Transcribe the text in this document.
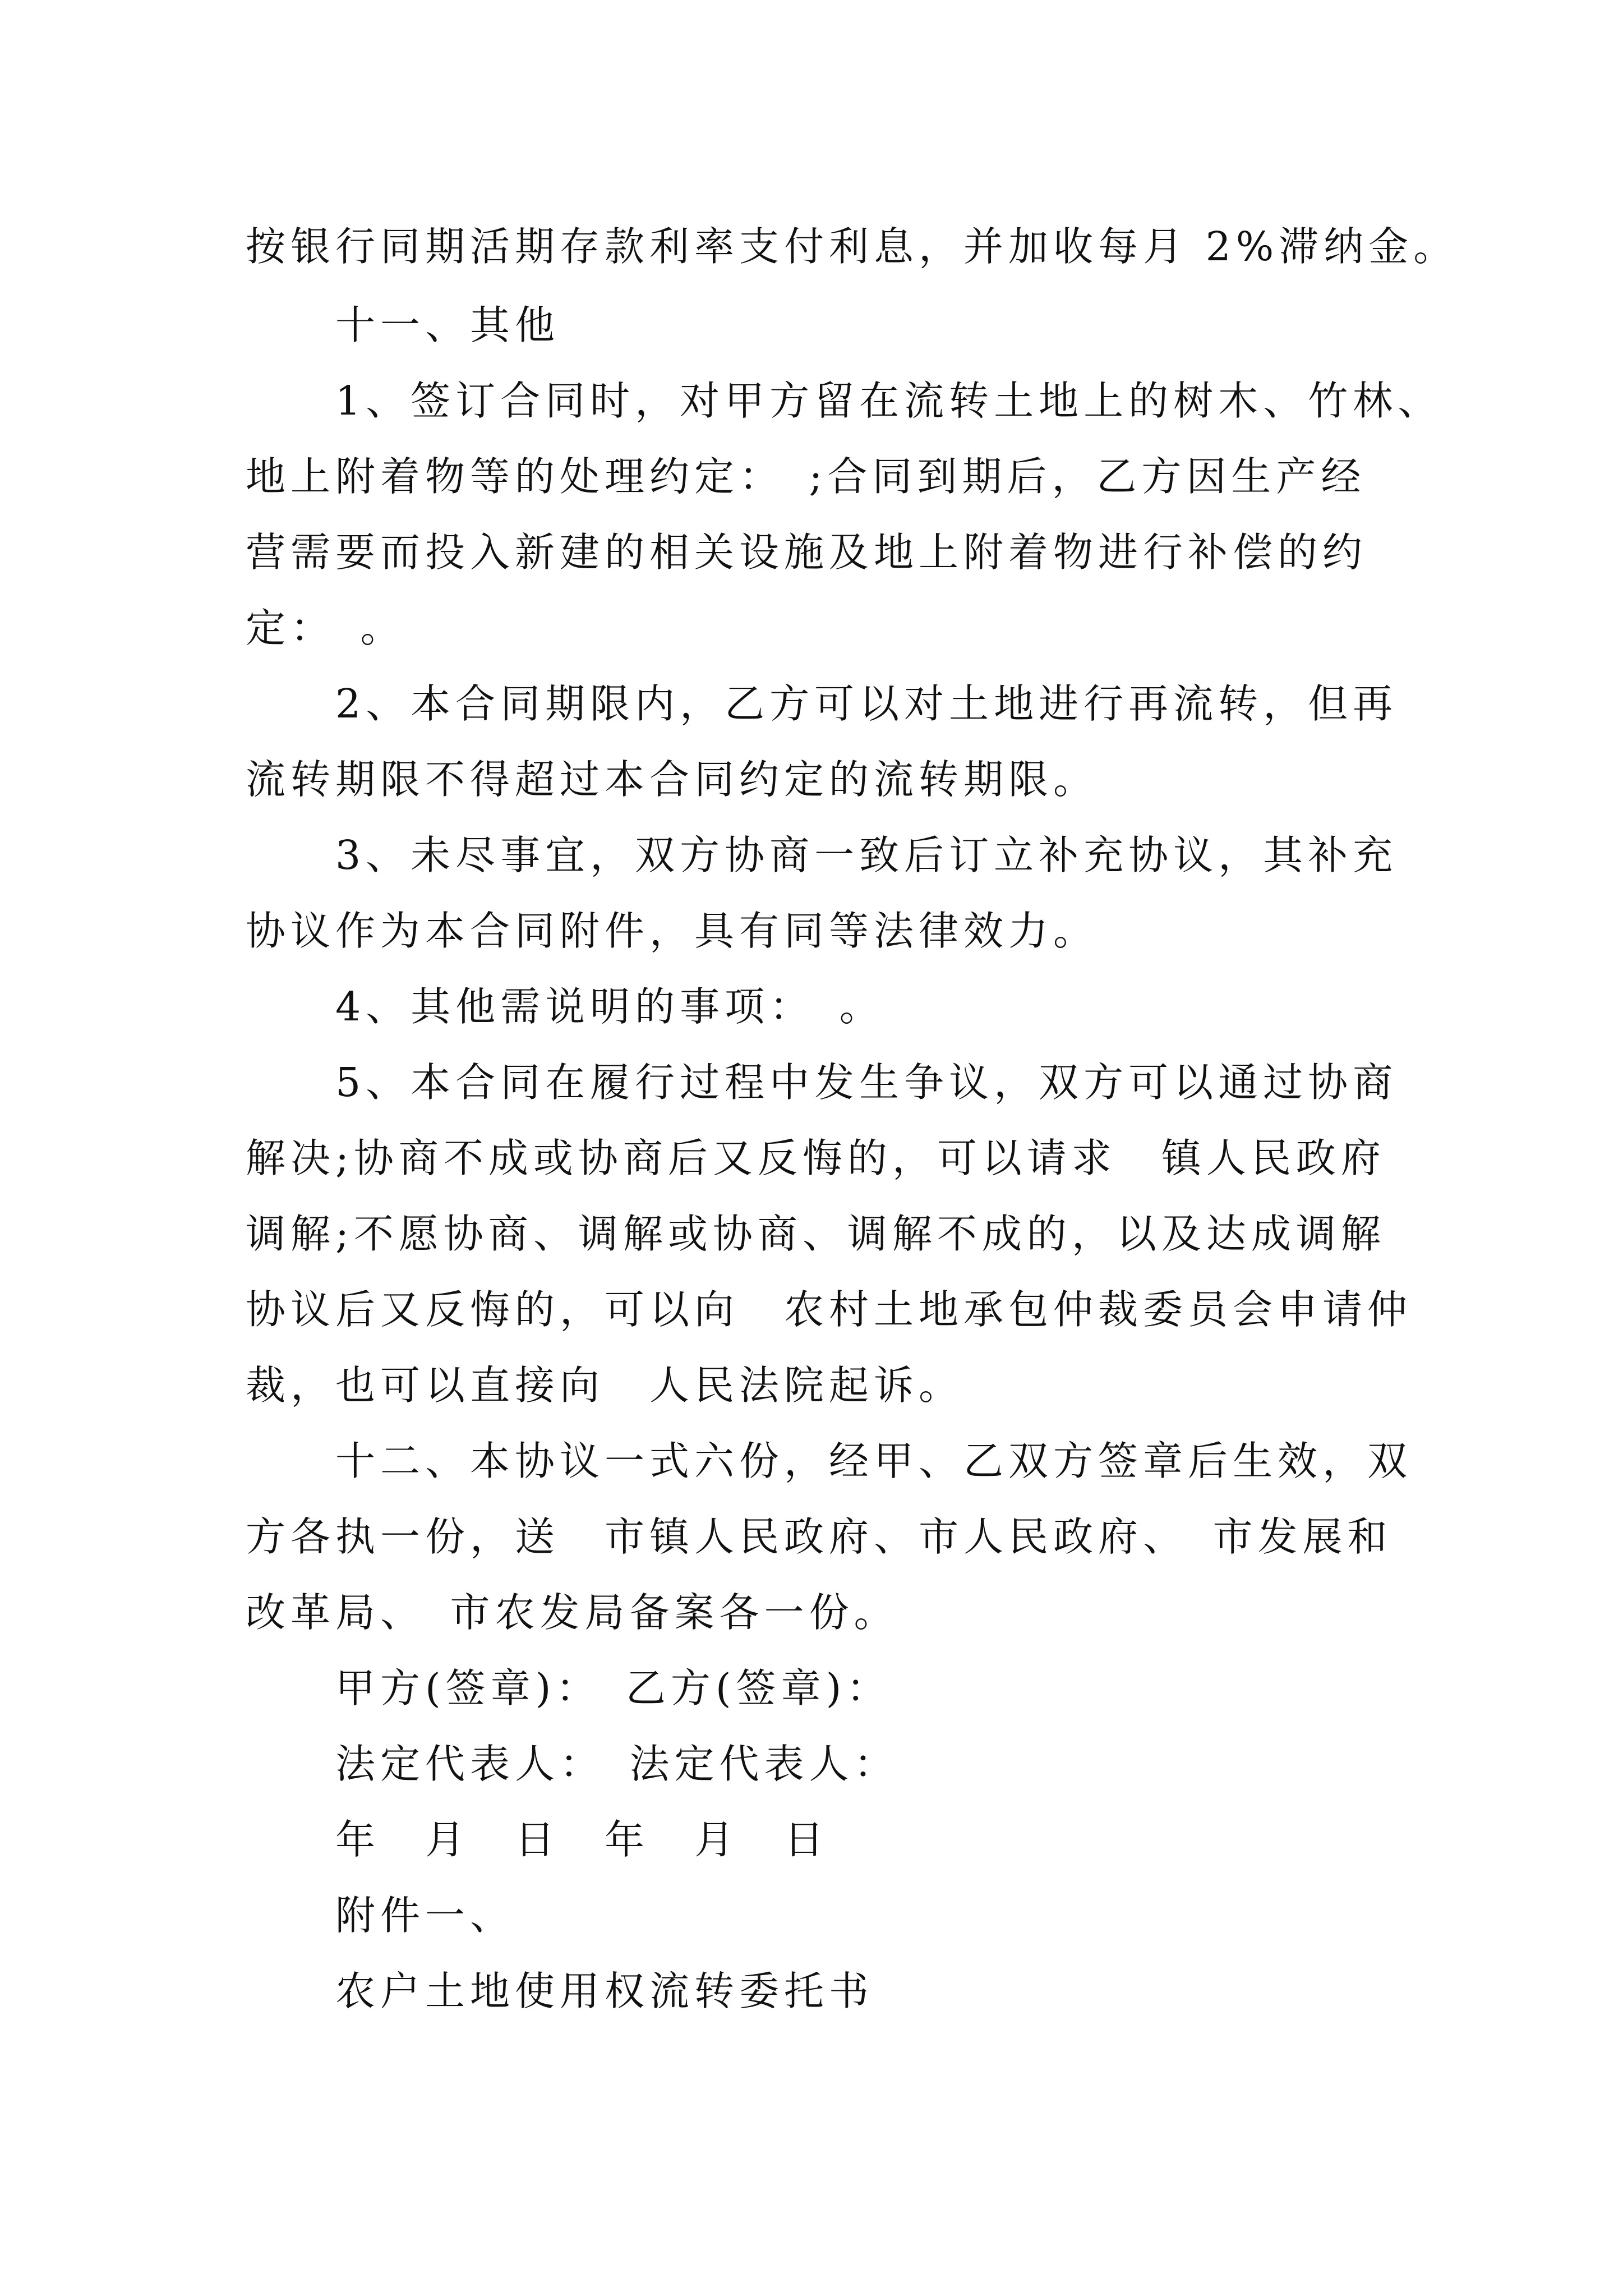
按银行同期活期存款利率支付利息，并加收每月 2%滞纳金。
十一、其他
1、签订合同时，对甲方留在流转土地上的树木、竹林、
地上附着物等的处理约定：　;合同到期后，乙方因生产经
营需要而投入新建的相关设施及地上附着物进行补偿的约
定：　。
2、本合同期限内，乙方可以对土地进行再流转，但再
流转期限不得超过本合同约定的流转期限。
3、未尽事宜，双方协商一致后订立补充协议，其补充
协议作为本合同附件，具有同等法律效力。
4、其他需说明的事项：　。
5、本合同在履行过程中发生争议，双方可以通过协商
解决;协商不成或协商后又反悔的，可以请求　镇人民政府
调解;不愿协商、调解或协商、调解不成的，以及达成调解
协议后又反悔的，可以向　农村土地承包仲裁委员会申请仲
裁，也可以直接向　人民法院起诉。
十二、本协议一式六份，经甲、乙双方签章后生效，双
方各执一份，送　市镇人民政府、市人民政府、　市发展和
改革局、　市农发局备案各一份。
甲方(签章)：　乙方(签章)：
法定代表人：　法定代表人：
年　月　日　年　月　日
附件一、
农户土地使用权流转委托书
